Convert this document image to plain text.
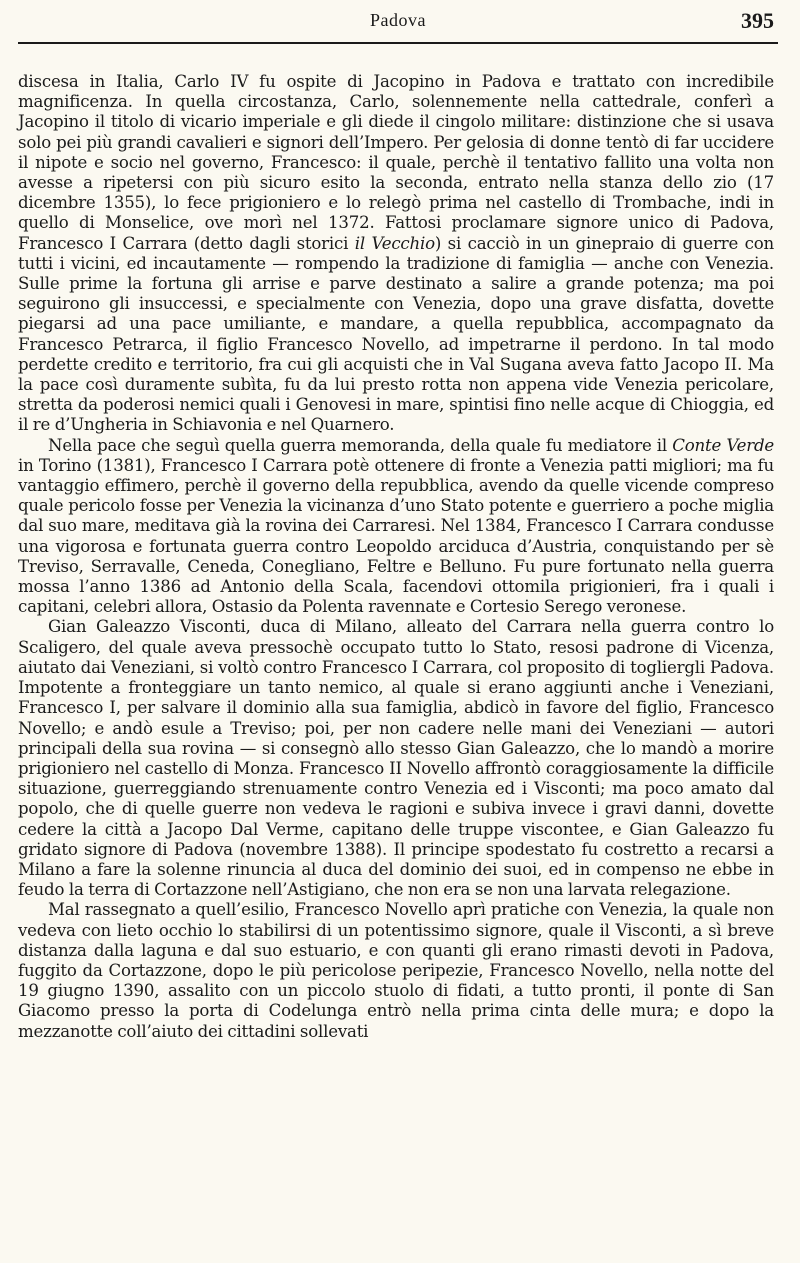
Padova	395

discesa in Italia, Carlo IV fu ospite di Jacopino in Padova e trattato con incredibile magnificenza. In quella circostanza, Carlo, solennemente nella cattedrale, conferì a Jacopino il titolo di vicario imperiale e gli diede il cingolo militare: distinzione che si usava solo pei più grandi cavalieri e signori dell’Impero. Per gelosia di donne tentò di far uccidere il nipote e socio nel governo, Francesco: il quale, perchè il tentativo fallito una volta non avesse a ripetersi con più sicuro esito la seconda, entrato nella stanza dello zio (17 dicembre 1355), lo fece prigioniero e lo relegò prima nel castello di Trombache, indi in quello di Monselice, ove morì nel 1372. Fattosi proclamare signore unico di Padova, Francesco I Carrara (detto dagli storici il Vecchio) si cacciò in un ginepraio di guerre con tutti i vicini, ed incautamente — rompendo la tradizione di famiglia — anche con Venezia. Sulle prime la fortuna gli arrise e parve destinato a salire a grande potenza; ma poi seguirono gli insuccessi, e specialmente con Venezia, dopo una grave disfatta, dovette piegarsi ad una pace umiliante, e mandare, a quella repubblica, accompagnato da Francesco Petrarca, il figlio Francesco Novello, ad impetrarne il perdono. In tal modo perdette credito e territorio, fra cui gli acquisti che in Val Sugana aveva fatto Jacopo II. Ma la pace così duramente subìta, fu da lui presto rotta non appena vide Venezia pericolare, stretta da poderosi nemici quali i Genovesi in mare, spintisi fino nelle acque di Chioggia, ed il re d’Ungheria in Schiavonia e nel Quarnero.

Nella pace che seguì quella guerra memoranda, della quale fu mediatore il Conte Verde in Torino (1381), Francesco I Carrara potè ottenere di fronte a Venezia patti migliori; ma fu vantaggio effimero, perchè il governo della repubblica, avendo da quelle vicende compreso quale pericolo fosse per Venezia la vicinanza d’uno Stato potente e guerriero a poche miglia dal suo mare, meditava già la rovina dei Carraresi. Nel 1384, Francesco I Carrara condusse una vigorosa e fortunata guerra contro Leopoldo arciduca d’Austria, conquistando per sè Treviso, Serravalle, Ceneda, Conegliano, Feltre e Belluno. Fu pure fortunato nella guerra mossa l’anno 1386 ad Antonio della Scala, facendovi ottomila prigionieri, fra i quali i capitani, celebri allora, Ostasio da Polenta ravennate e Cortesio Serego veronese.

Gian Galeazzo Visconti, duca di Milano, alleato del Carrara nella guerra contro lo Scaligero, del quale aveva pressochè occupato tutto lo Stato, resosi padrone di Vicenza, aiutato dai Veneziani, si voltò contro Francesco I Carrara, col proposito di togliergli Padova. Impotente a fronteggiare un tanto nemico, al quale si erano aggiunti anche i Veneziani, Francesco I, per salvare il dominio alla sua famiglia, abdicò in favore del figlio, Francesco Novello; e andò esule a Treviso; poi, per non cadere nelle mani dei Veneziani — autori principali della sua rovina — si consegnò allo stesso Gian Galeazzo, che lo mandò a morire prigioniero nel castello di Monza. Francesco II Novello affrontò coraggiosamente la difficile situazione, guerreggiando strenuamente contro Venezia ed i Visconti; ma poco amato dal popolo, che di quelle guerre non vedeva le ragioni e subiva invece i gravi danni, dovette cedere la città a Jacopo Dal Verme, capitano delle truppe viscontee, e Gian Galeazzo fu gridato signore di Padova (novembre 1388). Il principe spodestato fu costretto a recarsi a Milano a fare la solenne rinuncia al duca del dominio dei suoi, ed in compenso ne ebbe in feudo la terra di Cortazzone nell’Astigiano, che non era se non una larvata relegazione.

Mal rassegnato a quell’esilio, Francesco Novello aprì pratiche con Venezia, la quale non vedeva con lieto occhio lo stabilirsi di un potentissimo signore, quale il Visconti, a sì breve distanza dalla laguna e dal suo estuario, e con quanti gli erano rimasti devoti in Padova, fuggito da Cortazzone, dopo le più pericolose peripezie, Francesco Novello, nella notte del 19 giugno 1390, assalito con un piccolo stuolo di fidati, a tutto pronti, il ponte di San Giacomo presso la porta di Codelunga entrò nella prima cinta delle mura; e dopo la mezzanotte coll’aiuto dei cittadini sollevati
